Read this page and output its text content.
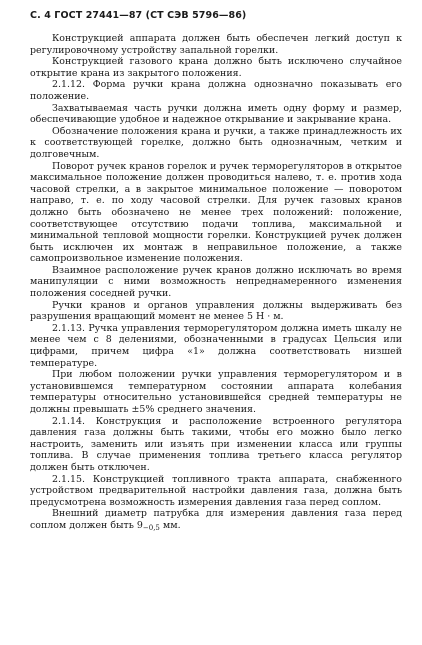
С. 4 ГОСТ 27441—87 (СТ СЭВ 5796—86)

Конструкцией аппарата должен быть обеспечен легкий доступ к регулировочному устройству запальной горелки.

Конструкцией газового крана должно быть исключено случайное открытие крана из закрытого положения.

2.1.12. Форма ручки крана должна однозначно показывать его положение.

Захватываемая часть ручки должна иметь одну форму и размер, обеспечивающие удобное и надежное открывание и закрывание крана.

Обозначение положения крана и ручки, а также принадлежность их к соответствующей горелке, должно быть однозначным, четким и долговечным.

Поворот ручек кранов горелок и ручек терморегуляторов в открытое максимальное положение должен проводиться налево, т. е. против хода часовой стрелки, а в закрытое минимальное положение — поворотом направо, т. е. по ходу часовой стрелки. Для ручек газовых кранов должно быть обозначено не менее трех положений: положение, соответствующее отсутствию подачи топлива, максимальной и минимальной тепловой мощности горелки. Конструкцией ручек должен быть исключен их монтаж в неправильное положение, а также самопроизвольное изменение положения.

Взаимное расположение ручек кранов должно исключать во время манипуляции с ними возможность непреднамеренного изменения положения соседней ручки.

Ручки кранов и органов управления должны выдерживать без разрушения вращающий момент не менее 5 Н · м.

2.1.13. Ручка управления терморегулятором должна иметь шкалу не менее чем с 8 делениями, обозначенными в градусах Цельсия или цифрами, причем цифра «1» должна соответствовать низшей температуре.

При любом положении ручки управления терморегулятором и в установившемся температурном состоянии аппарата колебания температуры относительно установившейся средней температуры не должны превышать ±5% среднего значения.

2.1.14. Конструкция и расположение встроенного регулятора давления газа должны быть такими, чтобы его можно было легко настроить, заменить или изъять при изменении класса или группы топлива. В случае применения топлива третьего класса регулятор должен быть отключен.

2.1.15. Конструкцией топливного тракта аппарата, снабженного устройством предварительной настройки давления газа, должна быть предусмотрена возможность измерения давления газа перед соплом.

Внешний диаметр патрубка для измерения давления газа перед соплом должен быть $9_{-0,5}$ мм.
